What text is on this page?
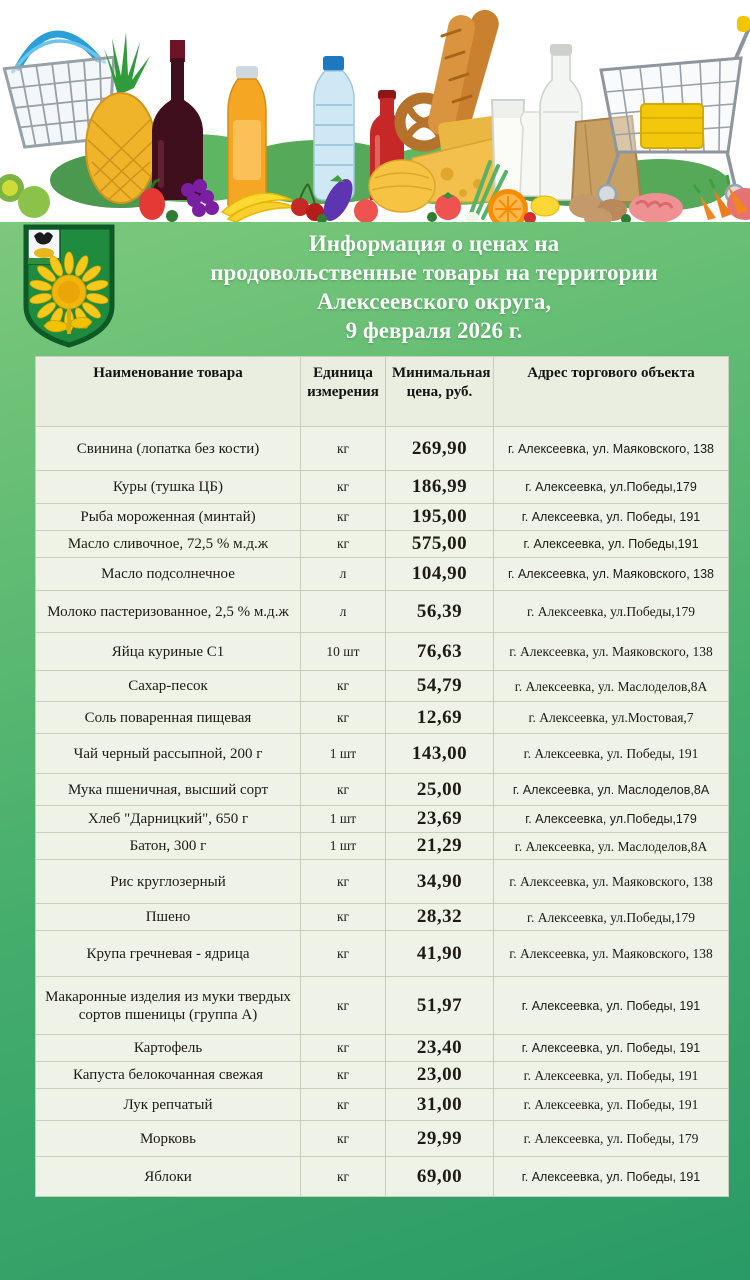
Информация о ценах на
продовольственные товары на территории
Алексеевского округа,
9 февраля 2026 г.
Наименование товара	Единица измерения	Минимальная цена, руб.	Адрес торгового объекта
Свинина (лопатка без кости)	кг	269,90	г. Алексеевка, ул. Маяковского, 138
Куры (тушка ЦБ)	кг	186,99	г. Алексеевка, ул.Победы,179
Рыба мороженная (минтай)	кг	195,00	г. Алексеевка, ул. Победы, 191
Масло сливочное, 72,5 % м.д.ж	кг	575,00	г. Алексеевка, ул. Победы,191
Масло подсолнечное	л	104,90	г. Алексеевка, ул. Маяковского, 138
Молоко пастеризованное, 2,5 % м.д.ж	л	56,39	г. Алексеевка, ул.Победы,179
Яйца куриные С1	10 шт	76,63	г. Алексеевка, ул. Маяковского, 138
Сахар-песок	кг	54,79	г. Алексеевка, ул. Маслоделов,8А
Соль поваренная пищевая	кг	12,69	г. Алексеевка, ул.Мостовая,7
Чай черный рассыпной, 200 г	1 шт	143,00	г. Алексеевка, ул. Победы, 191
Мука пшеничная, высший сорт	кг	25,00	г. Алексеевка, ул. Маслоделов,8А
Хлеб "Дарницкий", 650 г	1 шт	23,69	г. Алексеевка, ул.Победы,179
Батон, 300 г	1 шт	21,29	г. Алексеевка, ул. Маслоделов,8А
Рис круглозерный	кг	34,90	г. Алексеевка, ул. Маяковского, 138
Пшено	кг	28,32	г. Алексеевка, ул.Победы,179
Крупа гречневая - ядрица	кг	41,90	г. Алексеевка, ул. Маяковского, 138
Макаронные изделия из муки твердых сортов пшеницы (группа А)	кг	51,97	г. Алексеевка, ул. Победы, 191
Картофель	кг	23,40	г. Алексеевка, ул. Победы, 191
Капуста белокочанная свежая	кг	23,00	г. Алексеевка, ул. Победы, 191
Лук репчатый	кг	31,00	г. Алексеевка, ул. Победы, 191
Морковь	кг	29,99	г. Алексеевка, ул. Победы, 179
Яблоки	кг	69,00	г. Алексеевка, ул. Победы, 191
